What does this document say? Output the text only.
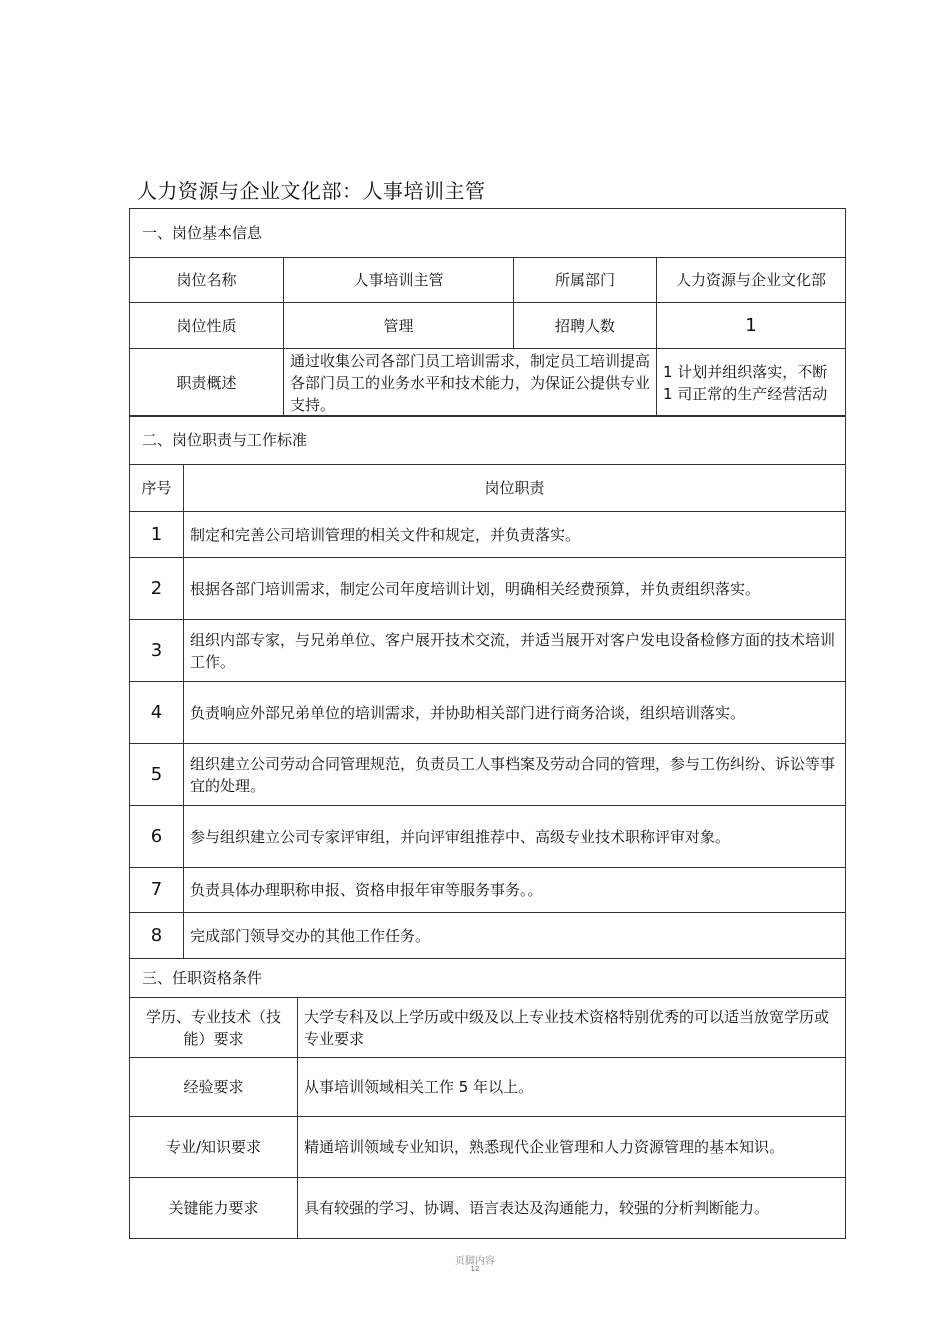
人力资源与企业文化部：人事培训主管
一、岗位基本信息			
岗位名称	人事培训主管	所属部门	人力资源与企业文化部
岗位性质	管理	招聘人数	1
职责概述	通过收集公司各部门员工培训需求，制定员工培训提高各部门员工的业务水平和技术能力，为保证公提供专业支持。		1 计划并组织落实，不断
1 司正常的生产经营活动
二、岗位职责与工作标准	
序号	岗位职责
1	制定和完善公司培训管理的相关文件和规定，并负责落实。
2	根据各部门培训需求，制定公司年度培训计划，明确相关经费预算，并负责组织落实。
3	组织内部专家，与兄弟单位、客户展开技术交流，并适当展开对客户发电设备检修方面的技术培训工作。
4	负责响应外部兄弟单位的培训需求，并协助相关部门进行商务洽谈，组织培训落实。
5	组织建立公司劳动合同管理规范，负责员工人事档案及劳动合同的管理，参与工伤纠纷、诉讼等事宜的处理。
6	参与组织建立公司专家评审组，并向评审组推荐中、高级专业技术职称评审对象。
7	负责具体办理职称申报、资格申报年审等服务事务。。
8	完成部门领导交办的其他工作任务。
三、任职资格条件	
学历、专业技术（技能）要求	大学专科及以上学历或中级及以上专业技术资格特别优秀的可以适当放宽学历或专业要求
经验要求	从事培训领域相关工作 5 年以上。
专业/知识要求	精通培训领域专业知识，熟悉现代企业管理和人力资源管理的基本知识。
关键能力要求	具有较强的学习、协调、语言表达及沟通能力，较强的分析判断能力。
页脚内容
12
